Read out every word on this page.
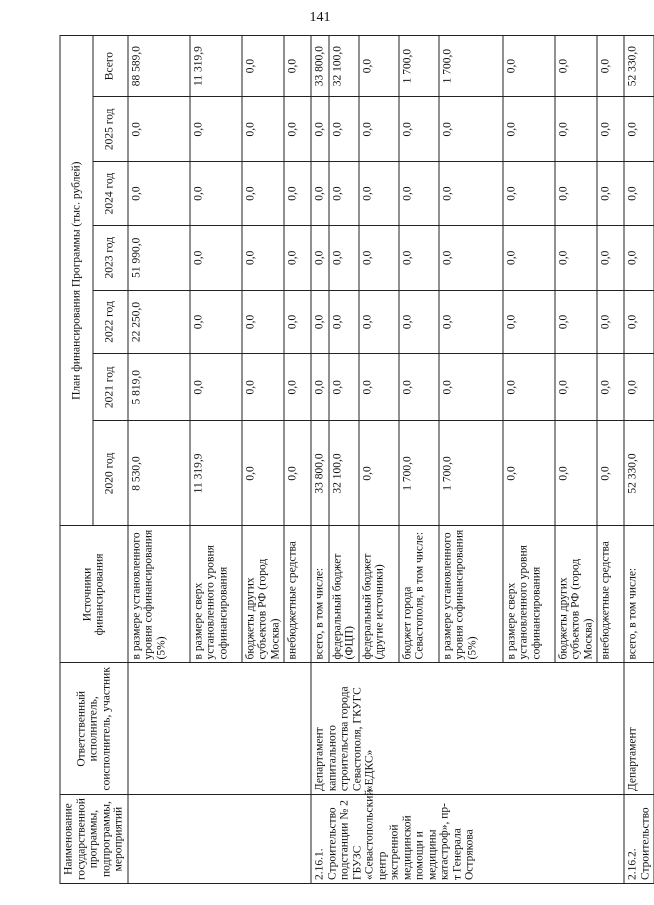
141
Наименование государственной программы, подпрограммы, мероприятий	Ответственный исполнитель, соисполнитель, участник	Источники финансирования	План финансирования Программы (тыс. рублей)						
			2020 год	2021 год	2022 год	2023 год	2024 год	2025 год	Всего
		в размере установленного уровня софинансирования (5%)	8 530,0	5 819,0	22 250,0	51 990,0	0,0	0,0	88 589,0
		в размере сверх установленного уровня софинансирования	11 319,9	0,0	0,0	0,0	0,0	0,0	11 319,9
		бюджеты других субъектов РФ (город Москва)	0,0	0,0	0,0	0,0	0,0	0,0	0,0
		внебюджетные средства	0,0	0,0	0,0	0,0	0,0	0,0	0,0
2.16.1. Строительство подстанции № 2 ГБУЗС «Севастопольский центр экстренной медицинской помощи и медицины катастроф», пр-т Генерала Острякова	Департамент капитального строительства города Севастополя, ГКУГС «ЕДКС»	всего, в том числе:	33 800,0	0,0	0,0	0,0	0,0	0,0	33 800,0
		федеральный бюджет (ФЦП)	32 100,0	0,0	0,0	0,0	0,0	0,0	32 100,0
		федеральный бюджет (другие источники)	0,0	0,0	0,0	0,0	0,0	0,0	0,0
		бюджет города Севастополя, в том числе:	1 700,0	0,0	0,0	0,0	0,0	0,0	1 700,0
		в размере установленного уровня софинансирования (5%)	1 700,0	0,0	0,0	0,0	0,0	0,0	1 700,0
		в размере сверх установленного уровня софинансирования	0,0	0,0	0,0	0,0	0,0	0,0	0,0
		бюджеты других субъектов РФ (город Москва)	0,0	0,0	0,0	0,0	0,0	0,0	0,0
		внебюджетные средства	0,0	0,0	0,0	0,0	0,0	0,0	0,0
2.16.2. Строительство	Департамент	всего, в том числе:	52 330,0	0,0	0,0	0,0	0,0	0,0	52 330,0
